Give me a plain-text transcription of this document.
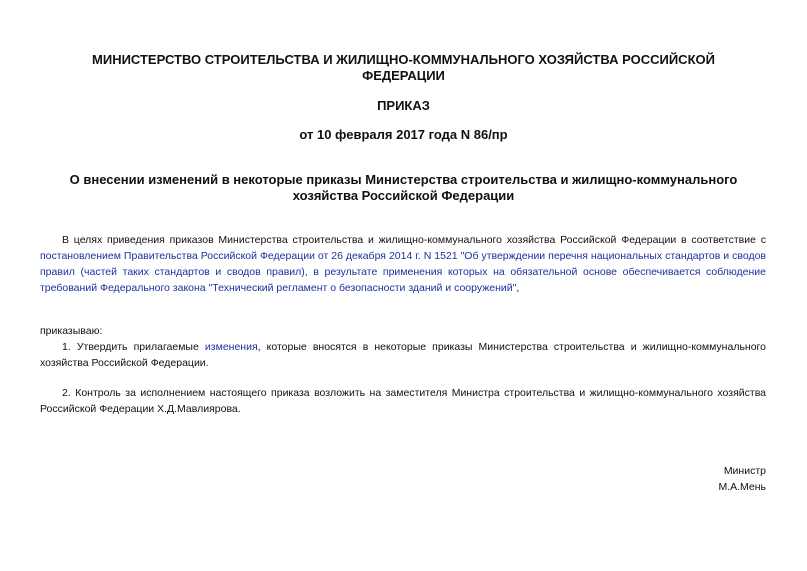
МИНИСТЕРСТВО СТРОИТЕЛЬСТВА И ЖИЛИЩНО-КОММУНАЛЬНОГО ХОЗЯЙСТВА РОССИЙСКОЙ ФЕДЕРАЦИИ
ПРИКАЗ

от 10 февраля 2017 года N 86/пр

О внесении изменений в некоторые приказы Министерства строительства и жилищно-коммунального хозяйства Российской Федерации

В целях приведения приказов Министерства строительства и жилищно-коммунального хозяйства Российской Федерации в соответствие с постановлением Правительства Российской Федерации от 26 декабря 2014 г. N 1521 "Об утверждении перечня национальных стандартов и сводов правил (частей таких стандартов и сводов правил), в результате применения которых на обязательной основе обеспечивается соблюдение требований Федерального закона "Технический регламент о безопасности зданий и сооружений",

приказываю:

1. Утвердить прилагаемые изменения, которые вносятся в некоторые приказы Министерства строительства и жилищно-коммунального хозяйства Российской Федерации.

2. Контроль за исполнением настоящего приказа возложить на заместителя Министра строительства и жилищно-коммунального хозяйства Российской Федерации Х.Д.Мавлиярова.

Министр

М.А.Мень
